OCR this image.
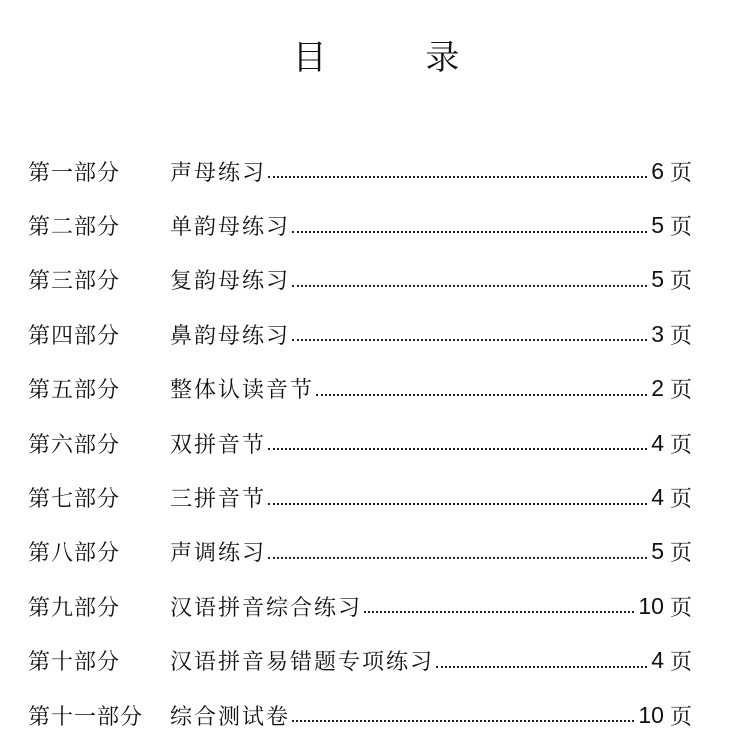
目 录
第一部分	声母练习	6 页
第二部分	单韵母练习	5 页
第三部分	复韵母练习	5 页
第四部分	鼻韵母练习	3 页
第五部分	整体认读音节	2 页
第六部分	双拼音节	4 页
第七部分	三拼音节	4 页
第八部分	声调练习	5 页
第九部分	汉语拼音综合练习	10 页
第十部分	汉语拼音易错题专项练习	4 页
第十一部分	综合测试卷	10 页
